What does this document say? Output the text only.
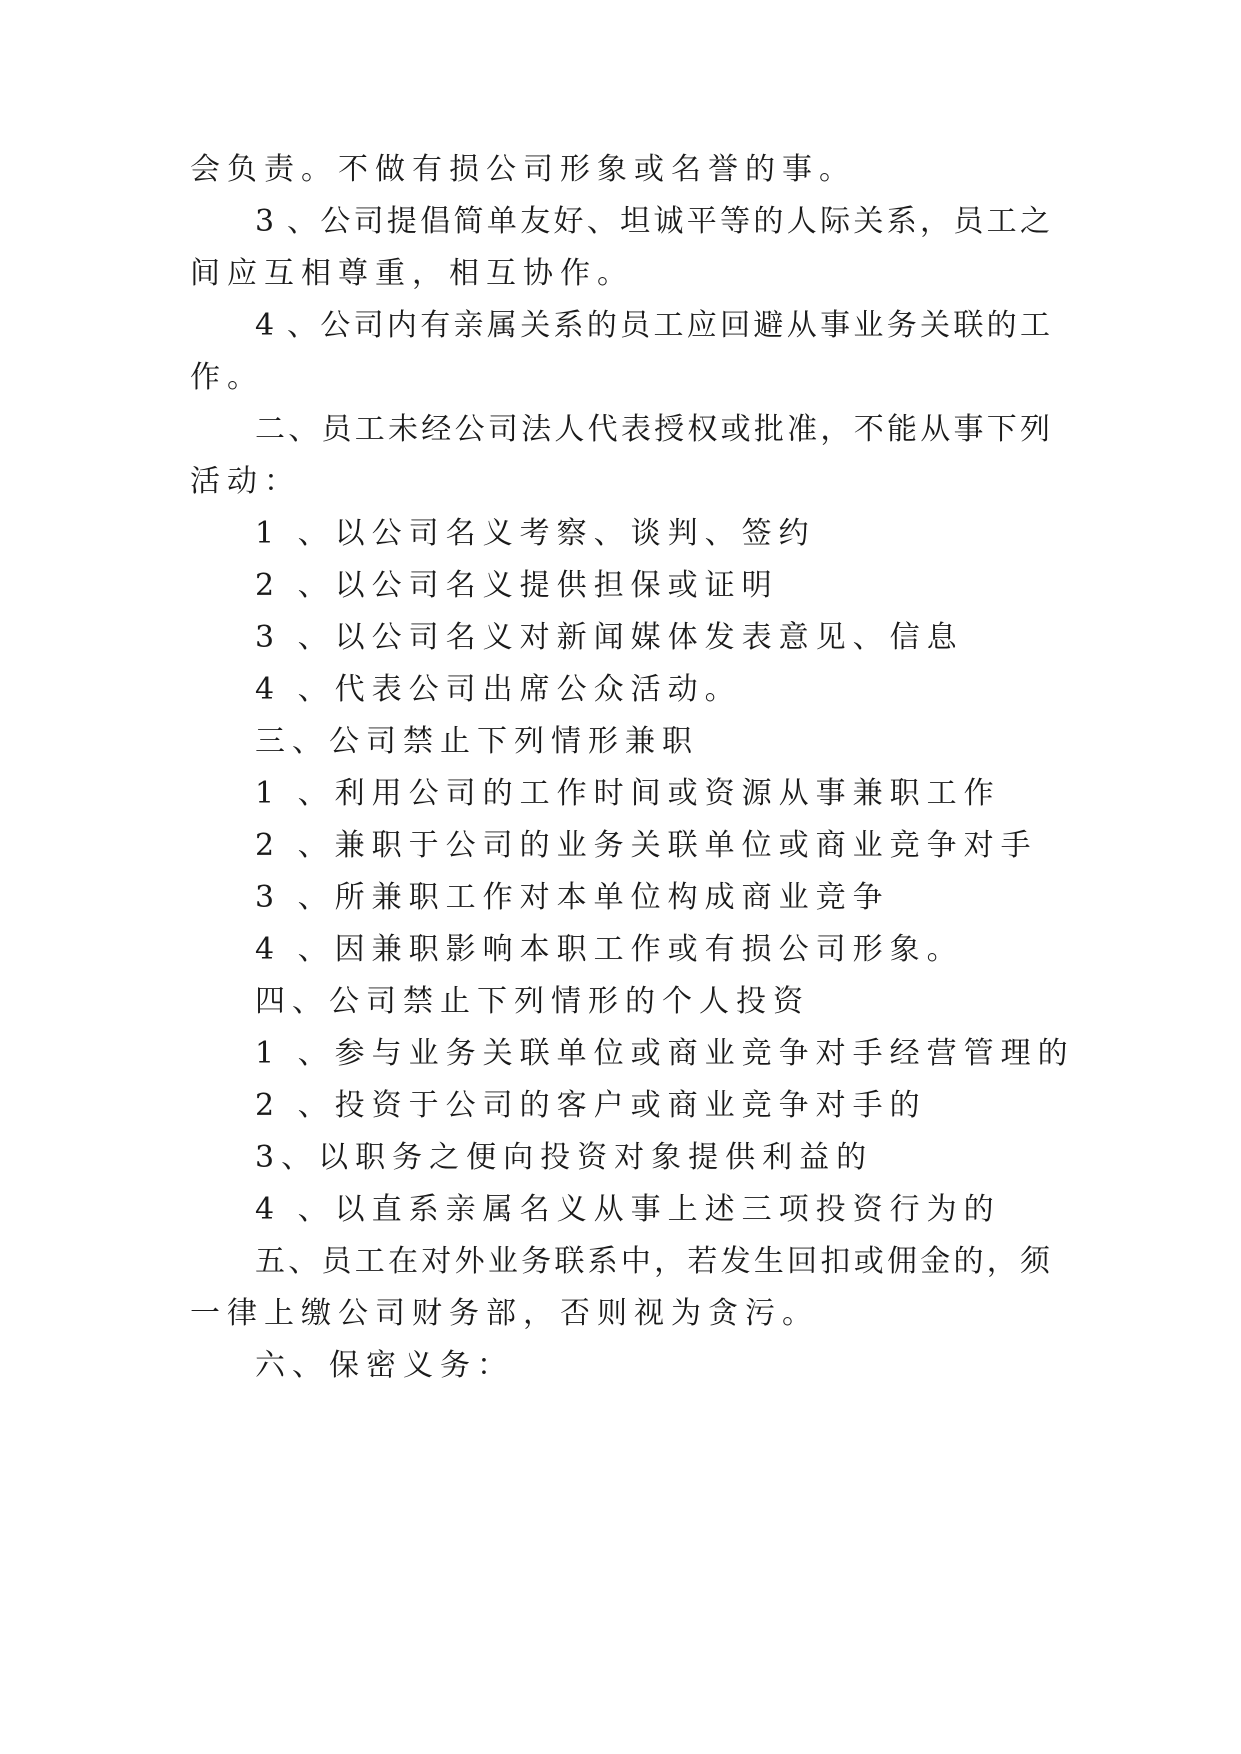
会负责。不做有损公司形象或名誉的事。
3 、公司提倡简单友好、坦诚平等的人际关系，员工之
间应互相尊重，相互协作。
4 、公司内有亲属关系的员工应回避从事业务关联的工
作。
二、员工未经公司法人代表授权或批准，不能从事下列
活动：
1 、以公司名义考察、谈判、签约
2 、以公司名义提供担保或证明
3 、以公司名义对新闻媒体发表意见、信息
4 、代表公司出席公众活动。
三、公司禁止下列情形兼职
1 、利用公司的工作时间或资源从事兼职工作
2 、兼职于公司的业务关联单位或商业竞争对手
3 、所兼职工作对本单位构成商业竞争
4 、因兼职影响本职工作或有损公司形象。
四、公司禁止下列情形的个人投资
1 、参与业务关联单位或商业竞争对手经营管理的
2 、投资于公司的客户或商业竞争对手的
3、以职务之便向投资对象提供利益的
4 、以直系亲属名义从事上述三项投资行为的
五、员工在对外业务联系中，若发生回扣或佣金的，须
一律上缴公司财务部，否则视为贪污。
六、保密义务：
